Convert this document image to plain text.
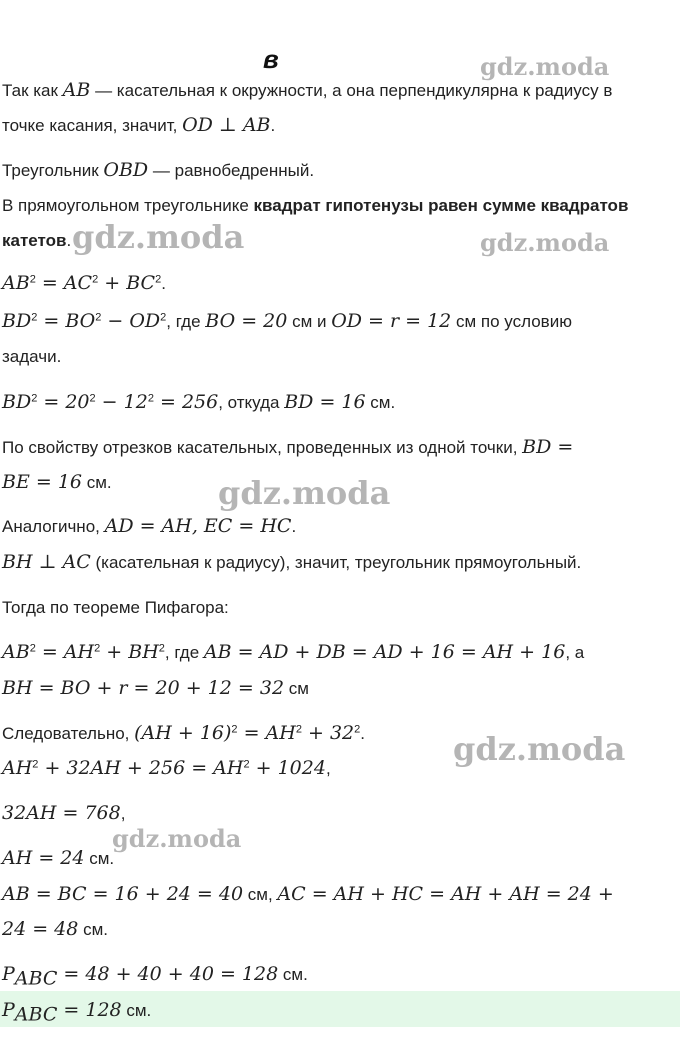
в	gdz.moda
gdz.moda	gdz.moda
gdz.moda
gdz.moda
gdz.moda
Так как AB — касательная к окружности, а она перпендикулярна к радиусу в
точке касания, значит, OD ⊥ AB.
Треугольник OBD — равнобедренный.
В прямоугольном треугольнике квадрат гипотенузы равен сумме квадратов
катетов.
$AB^2 = AC^2 + BC^2$.
$BD^2 = BO^2 - OD^2$, где BO = 20 см и OD = r = 12 см по условию
задачи.
$BD^2 = 20^2 - 12^2 = 256$, откуда BD = 16 см.
По свойству отрезков касательных, проведенных из одной точки, BD =
BE = 16 см.
Аналогично, AD = AH, EC = HC.
BH ⊥ AC (касательная к радиусу), значит, треугольник прямоугольный.
Тогда по теореме Пифагора:
$AB^2 = AH^2 + BH^2$, где AB = AD + DB = AD + 16 = AH + 16, а
BH = BO + r = 20 + 12 = 32 см
Следовательно, $(AH + 16)^2 = AH^2 + 32^2$.
$AH^2 + 32AH + 256 = AH^2 + 1024$,
32AH = 768,
AH = 24 см.
AB = BC = 16 + 24 = 40 см, AC = AH + HC = AH + AH = 24 +
24 = 48 см.
$P_{ABC} = 48 + 40 + 40 = 128$ см.
$P_{ABC} = 128$ см.
